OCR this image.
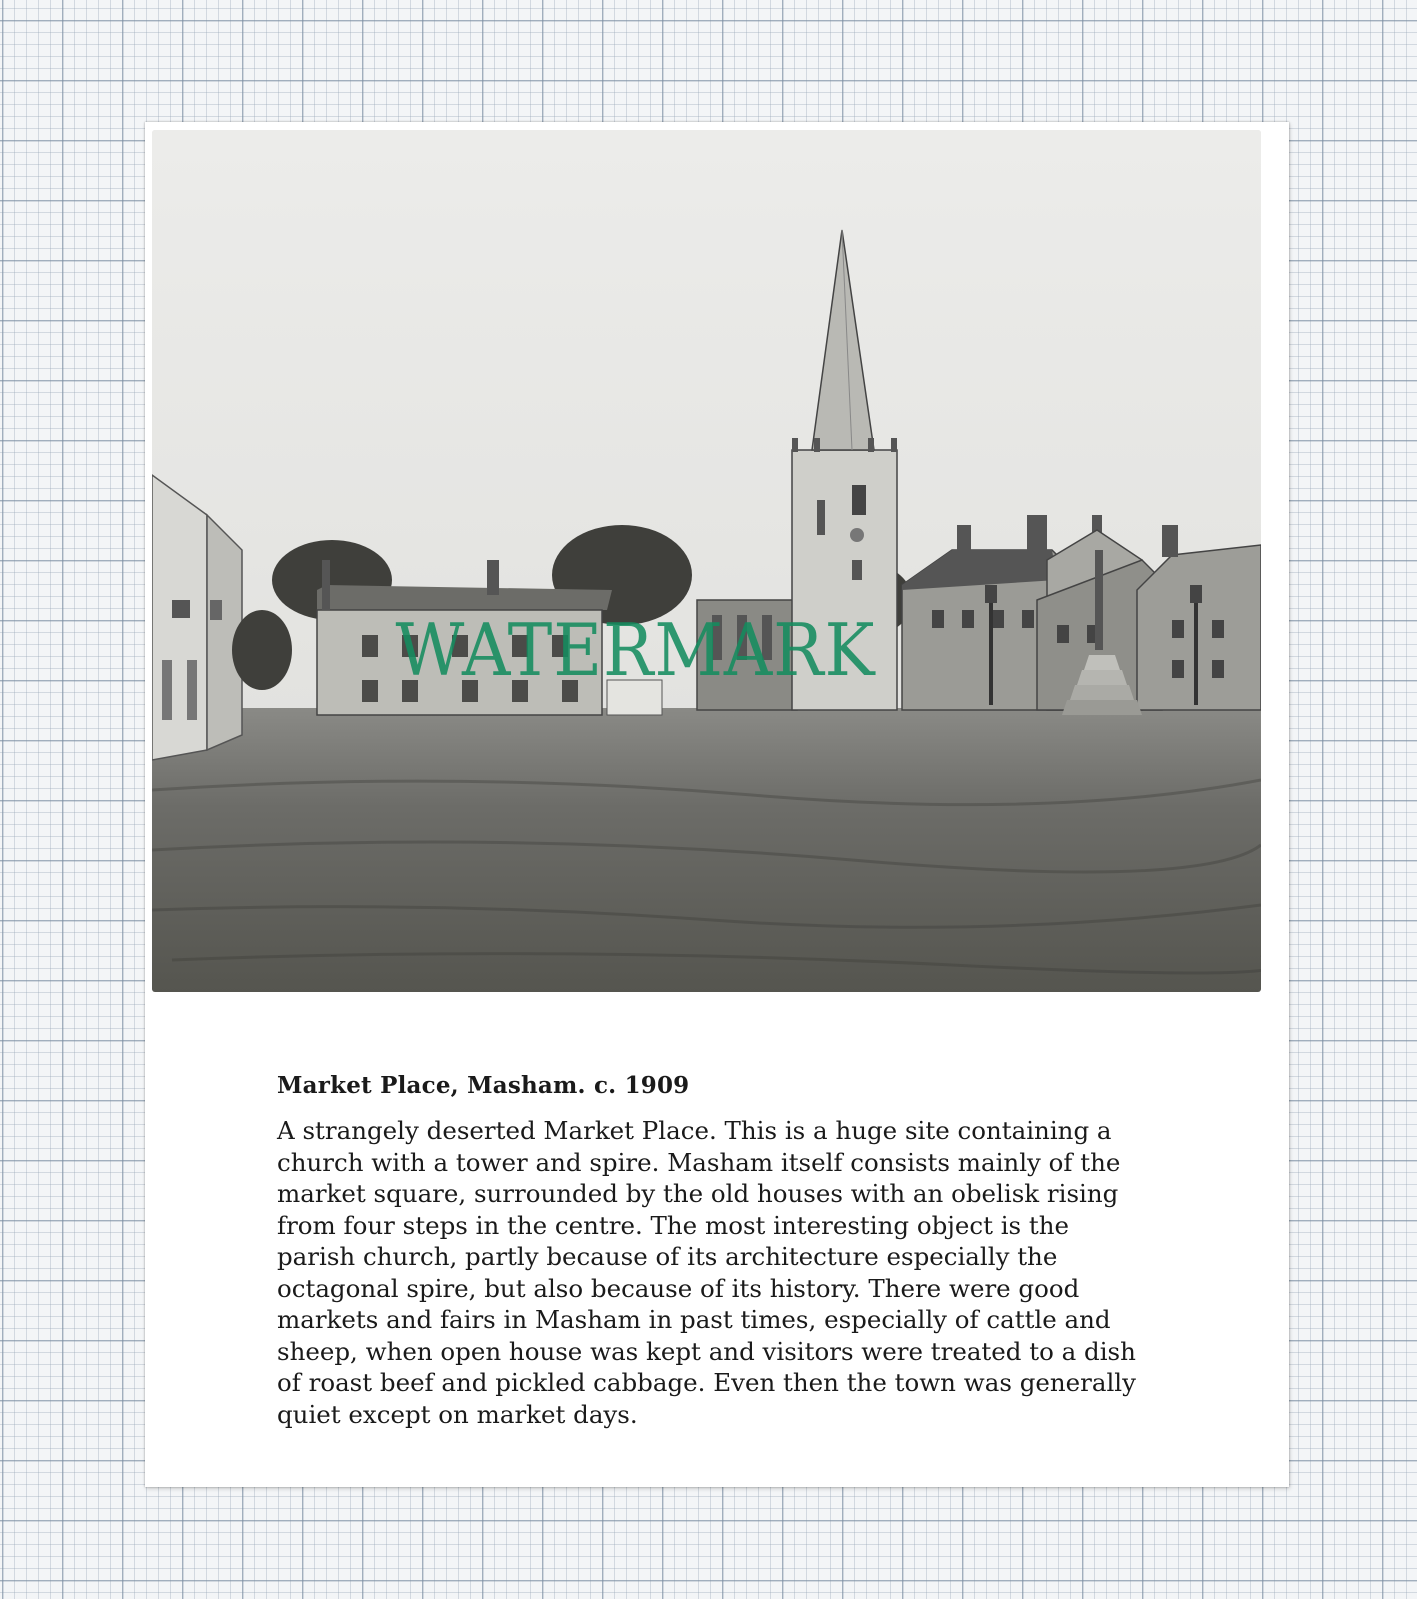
WATERMARK

Market Place, Masham. c. 1909

A strangely deserted Market Place. This is a huge site containing a church with a tower and spire. Masham itself consists mainly of the market square, surrounded by the old houses with an obelisk rising from four steps in the centre. The most interesting object is the parish church, partly because of its architecture especially the octagonal spire, but also because of its history. There were good markets and fairs in Masham in past times, especially of cattle and sheep, when open house was kept and visitors were treated to a dish of roast beef and pickled cabbage. Even then the town was generally quiet except on market days.
